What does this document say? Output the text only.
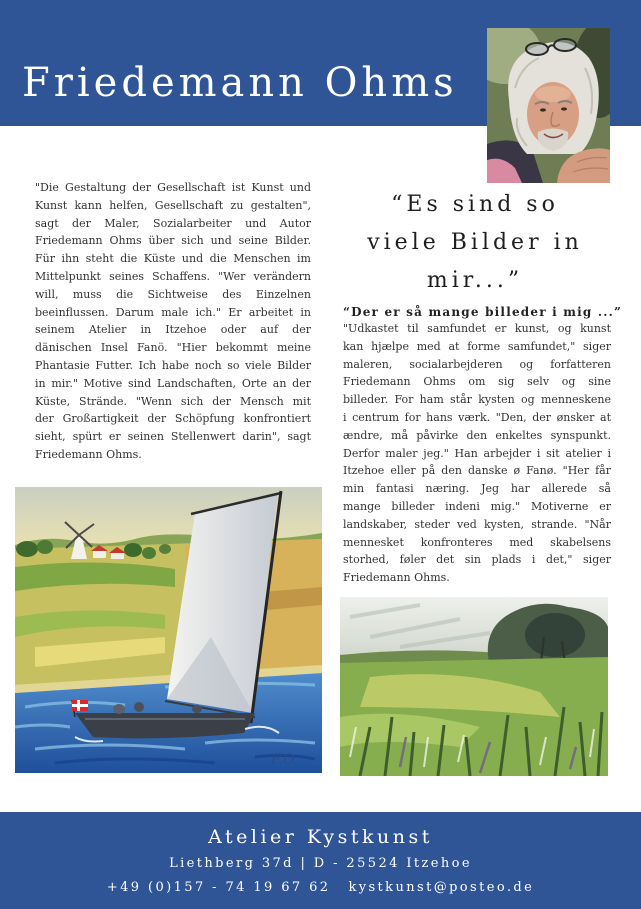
Friedemann Ohms
"Die Gestaltung der Gesellschaft ist Kunst und
Kunst kann helfen, Gesellschaft zu gestalten",
sagt der Maler, Sozialarbeiter und Autor
Friedemann Ohms über sich und seine Bilder.
Für ihn steht die Küste und die Menschen im
Mittelpunkt seines Schaffens. "Wer verändern
will, muss die Sichtweise des Einzelnen
beeinflussen. Darum male ich." Er arbeitet in
seinem Atelier in Itzehoe oder auf der
dänischen Insel Fanö. "Hier bekommt meine
Phantasie Futter. Ich habe noch so viele Bilder
in mir." Motive sind Landschaften, Orte an der
Küste, Strände. "Wenn sich der Mensch mit
der Großartigkeit der Schöpfung konfrontiert
sieht, spürt er seinen Stellenwert darin", sagt
Friedemann Ohms.
“Es sind so
viele Bilder in
mir...”
“Der er så mange billeder i mig ...”
"Udkastet til samfundet er kunst, og kunst
kan hjælpe med at forme samfundet," siger
maleren, socialarbejderen og forfatteren
Friedemann Ohms om sig selv og sine
billeder. For ham står kysten og menneskene
i centrum for hans værk. "Den, der ønsker at
ændre, må påvirke den enkeltes synspunkt.
Derfor maler jeg." Han arbejder i sit atelier i
Itzehoe eller på den danske ø Fanø. "Her får
min fantasi næring. Jeg har allerede så
mange billeder indeni mig." Motiverne er
landskaber, steder ved kysten, strande. "Når
mennesket konfronteres med skabelsens
storhed, føler det sin plads i det," siger
Friedemann Ohms.
F.O.
Atelier Kystkunst
Liethberg 37d | D - 25524 Itzehoe
+49 (0)157 - 74 19 67 62 kystkunst@posteo.de
